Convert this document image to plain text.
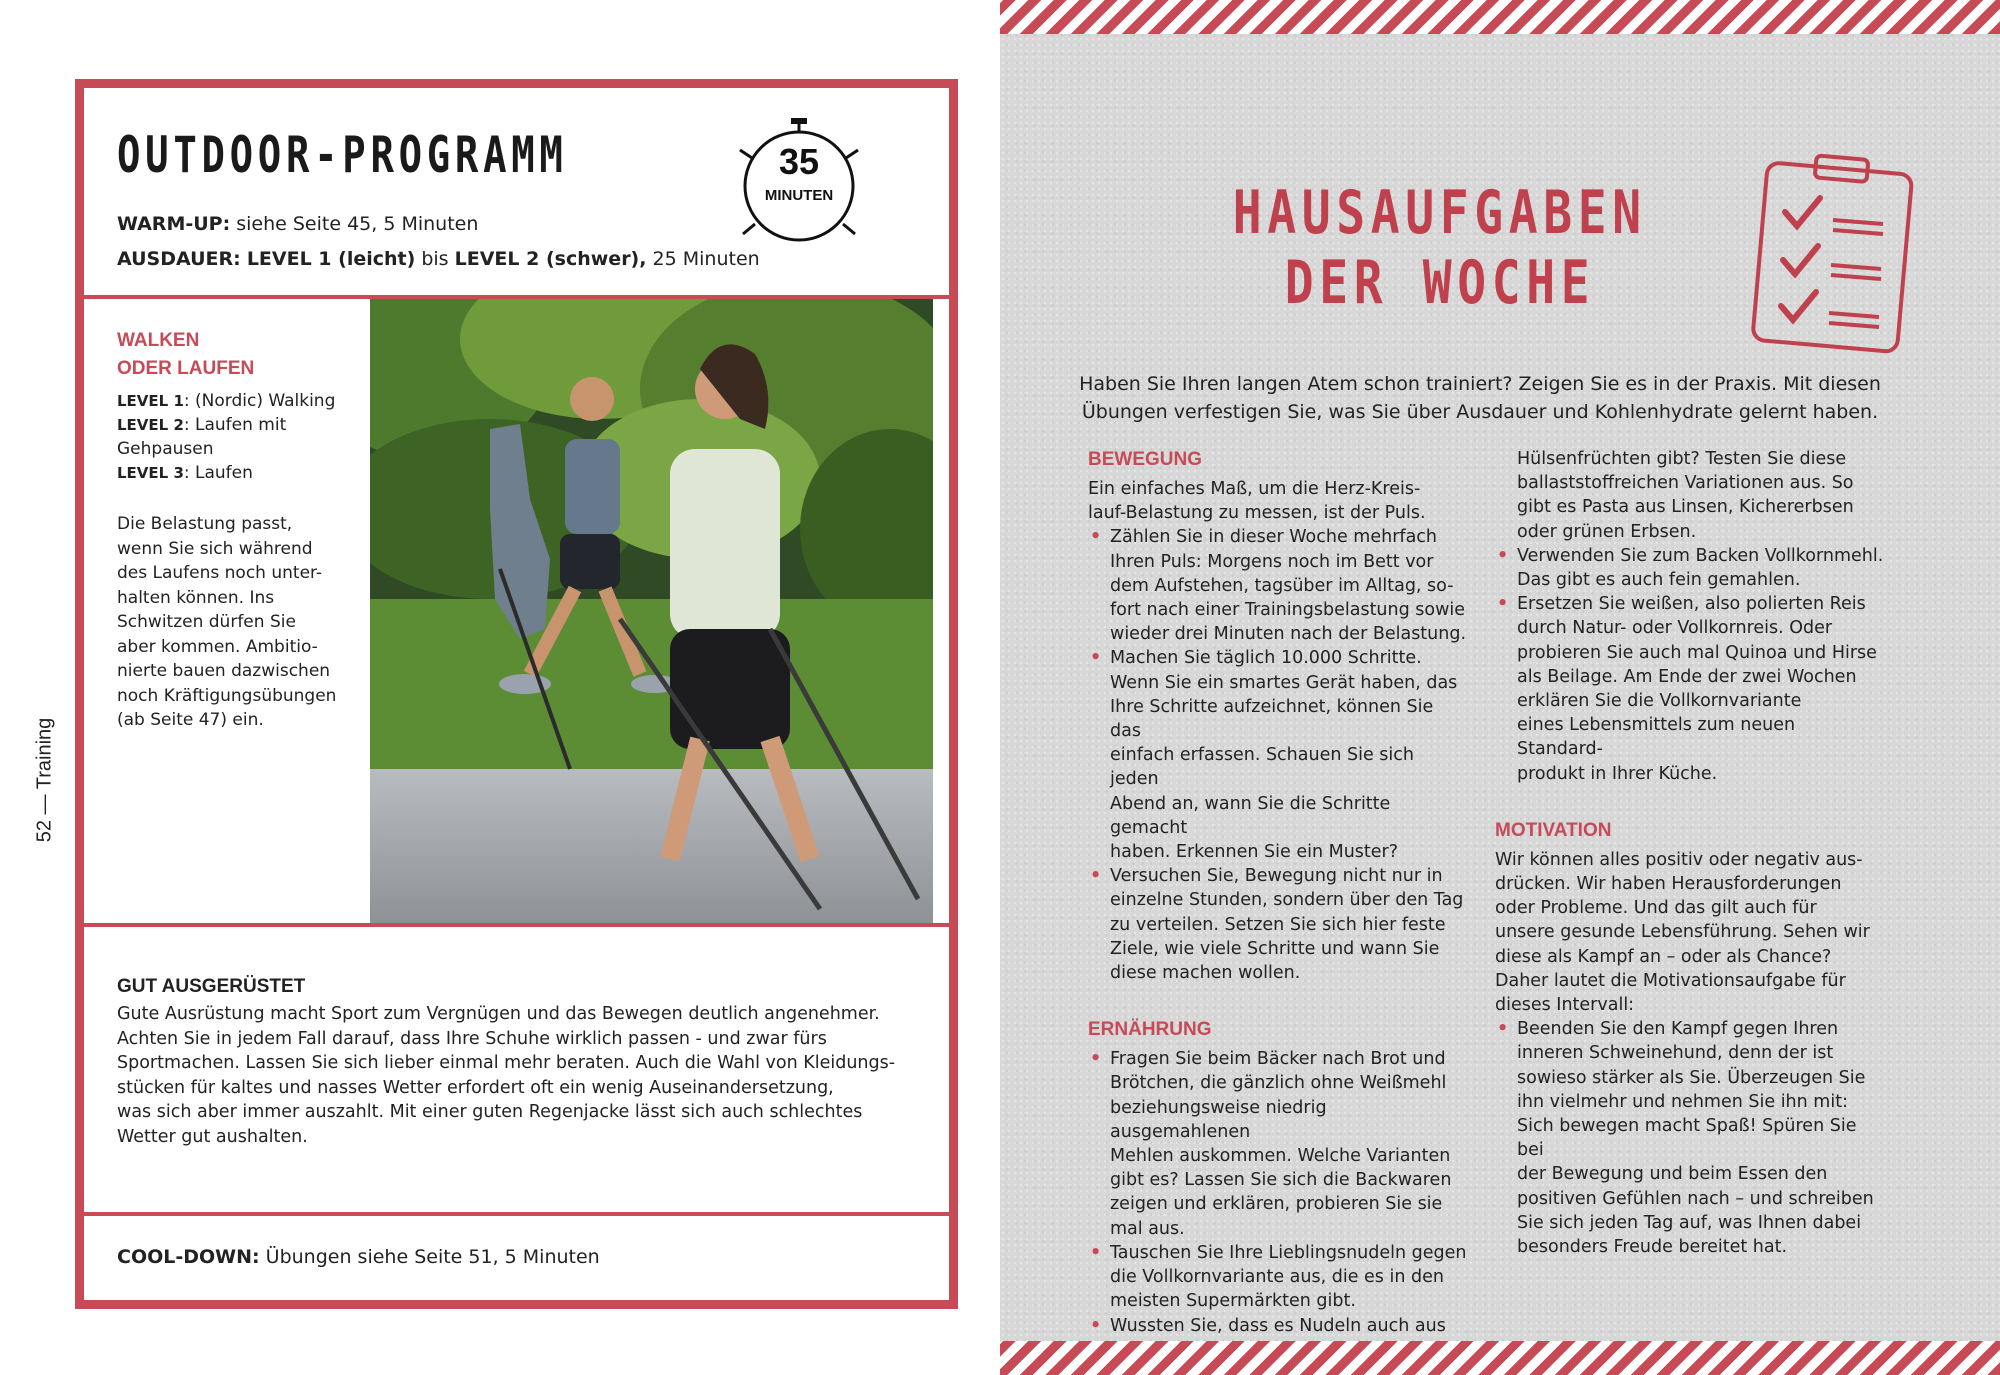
52 — Training
OUTDOOR-PROGRAMM
WARM-UP: siehe Seite 45, 5 Minuten
AUSDAUER: LEVEL 1 (leicht) bis LEVEL 2 (schwer), 25 Minuten
35
MINUTEN
WALKEN
ODER LAUFEN
LEVEL 1: (Nordic) Walking
LEVEL 2: Laufen mit
Gehpausen
LEVEL 3: Laufen
Die Belastung passt,
wenn Sie sich während
des Laufens noch unter-
halten können. Ins
Schwitzen dürfen Sie
aber kommen. Ambitio-
nierte bauen dazwischen
noch Kräftigungsübungen
(ab Seite 47) ein.
GUT AUSGERÜSTET
Gute Ausrüstung macht Sport zum Vergnügen und das Bewegen deutlich angenehmer.
Achten Sie in jedem Fall darauf, dass Ihre Schuhe wirklich passen - und zwar fürs
Sportmachen. Lassen Sie sich lieber einmal mehr beraten. Auch die Wahl von Kleidungs-
stücken für kaltes und nasses Wetter erfordert oft ein wenig Auseinandersetzung,
was sich aber immer auszahlt. Mit einer guten Regenjacke lässt sich auch schlechtes
Wetter gut aushalten.
COOL-DOWN: Übungen siehe Seite 51, 5 Minuten
HAUSAUFGABEN
DER WOCHE
Haben Sie Ihren langen Atem schon trainiert? Zeigen Sie es in der Praxis. Mit diesen
Übungen verfestigen Sie, was Sie über Ausdauer und Kohlenhydrate gelernt haben.
BEWEGUNG
Ein einfaches Maß, um die Herz-Kreis-
lauf-Belastung zu messen, ist der Puls.
• Zählen Sie in dieser Woche mehrfach
Ihren Puls: Morgens noch im Bett vor
dem Aufstehen, tagsüber im Alltag, so-
fort nach einer Trainingsbelastung sowie
wieder drei Minuten nach der Belastung.
• Machen Sie täglich 10.000 Schritte.
Wenn Sie ein smartes Gerät haben, das
Ihre Schritte aufzeichnet, können Sie das
einfach erfassen. Schauen Sie sich jeden
Abend an, wann Sie die Schritte gemacht
haben. Erkennen Sie ein Muster?
• Versuchen Sie, Bewegung nicht nur in
einzelne Stunden, sondern über den Tag
zu verteilen. Setzen Sie sich hier feste
Ziele, wie viele Schritte und wann Sie
diese machen wollen.
ERNÄHRUNG
• Fragen Sie beim Bäcker nach Brot und
Brötchen, die gänzlich ohne Weißmehl
beziehungsweise niedrig ausgemahlenen
Mehlen auskommen. Welche Varianten
gibt es? Lassen Sie sich die Backwaren
zeigen und erklären, probieren Sie sie
mal aus.
• Tauschen Sie Ihre Lieblingsnudeln gegen
die Vollkornvariante aus, die es in den
meisten Supermärkten gibt.
• Wussten Sie, dass es Nudeln auch aus
Hülsenfrüchten gibt? Testen Sie diese
ballaststoffreichen Variationen aus. So
gibt es Pasta aus Linsen, Kichererbsen
oder grünen Erbsen.
• Verwenden Sie zum Backen Vollkornmehl.
Das gibt es auch fein gemahlen.
• Ersetzen Sie weißen, also polierten Reis
durch Natur- oder Vollkornreis. Oder
probieren Sie auch mal Quinoa und Hirse
als Beilage. Am Ende der zwei Wochen
erklären Sie die Vollkornvariante
eines Lebensmittels zum neuen Standard-
produkt in Ihrer Küche.
MOTIVATION
Wir können alles positiv oder negativ aus-
drücken. Wir haben Herausforderungen
oder Probleme. Und das gilt auch für
unsere gesunde Lebensführung. Sehen wir
diese als Kampf an – oder als Chance?
Daher lautet die Motivationsaufgabe für
dieses Intervall:
• Beenden Sie den Kampf gegen Ihren
inneren Schweinehund, denn der ist
sowieso stärker als Sie. Überzeugen Sie
ihn vielmehr und nehmen Sie ihn mit:
Sich bewegen macht Spaß! Spüren Sie bei
der Bewegung und beim Essen den
positiven Gefühlen nach – und schreiben
Sie sich jeden Tag auf, was Ihnen dabei
besonders Freude bereitet hat.
